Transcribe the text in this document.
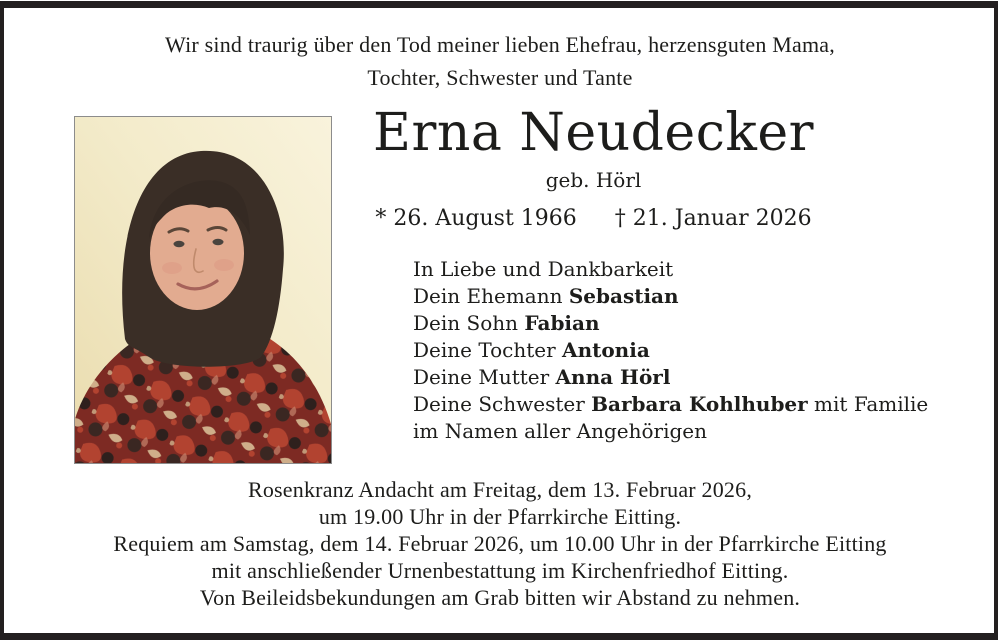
Wir sind traurig über den Tod meiner lieben Ehefrau, herzensguten Mama,
Tochter, Schwester und Tante
Erna Neudecker
geb. Hörl
* 26. August 1966 † 21. Januar 2026
In Liebe und Dankbarkeit
Dein Ehemann Sebastian
Dein Sohn Fabian
Deine Tochter Antonia
Deine Mutter Anna Hörl
Deine Schwester Barbara Kohlhuber mit Familie
im Namen aller Angehörigen
Rosenkranz Andacht am Freitag, dem 13. Februar 2026,
um 19.00 Uhr in der Pfarrkirche Eitting.
Requiem am Samstag, dem 14. Februar 2026, um 10.00 Uhr in der Pfarrkirche Eitting
mit anschließender Urnenbestattung im Kirchenfriedhof Eitting.
Von Beileidsbekundungen am Grab bitten wir Abstand zu nehmen.
